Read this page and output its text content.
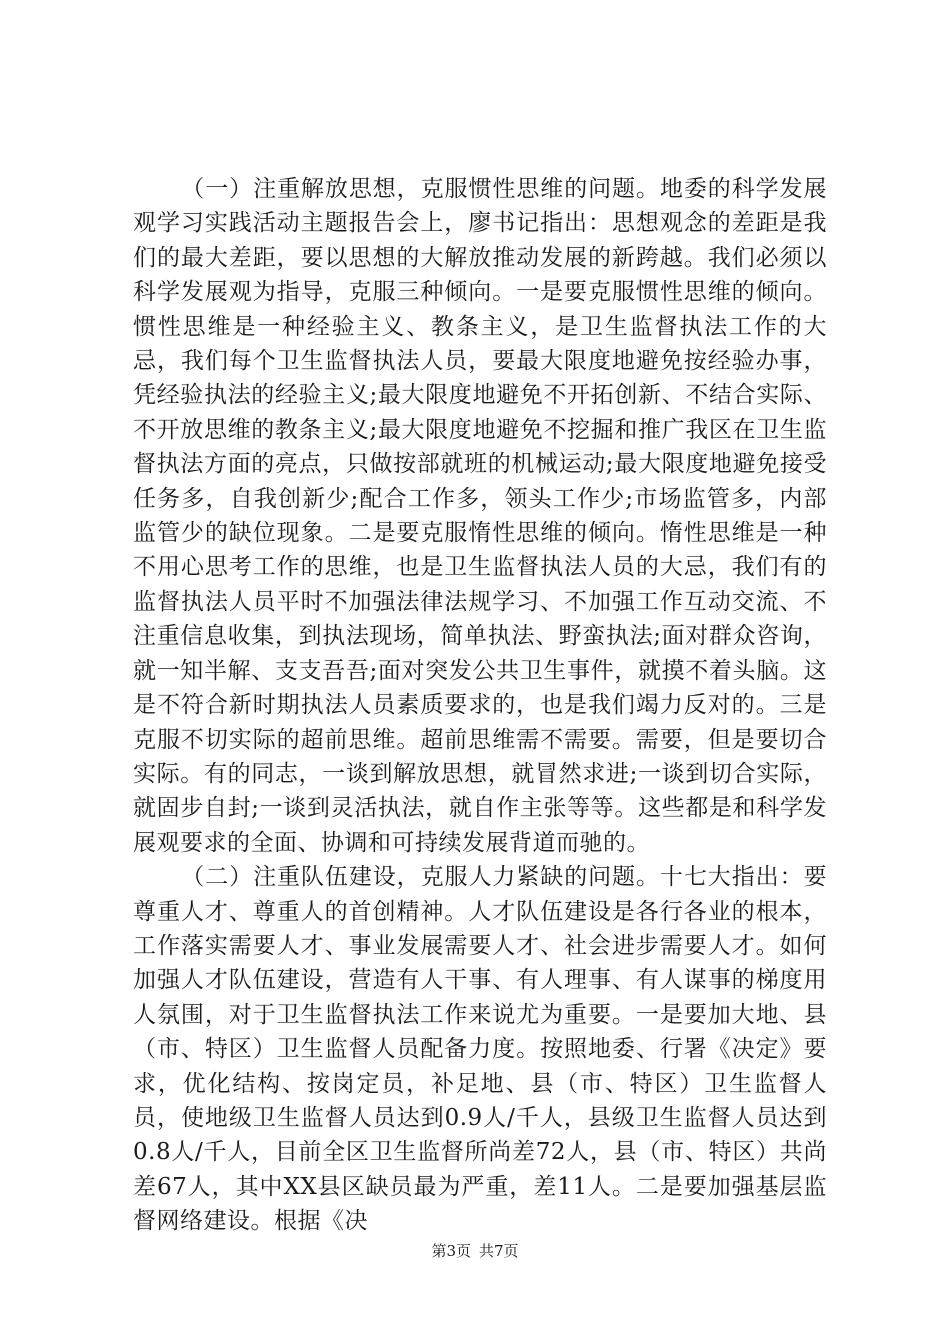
（一）注重解放思想，克服惯性思维的问题。地委的科学发展观学习实践活动主题报告会上，廖书记指出：思想观念的差距是我们的最大差距，要以思想的大解放推动发展的新跨越。我们必须以科学发展观为指导，克服三种倾向。一是要克服惯性思维的倾向。惯性思维是一种经验主义、教条主义，是卫生监督执法工作的大忌，我们每个卫生监督执法人员，要最大限度地避免按经验办事，凭经验执法的经验主义;最大限度地避免不开拓创新、不结合实际、不开放思维的教条主义;最大限度地避免不挖掘和推广我区在卫生监督执法方面的亮点，只做按部就班的机械运动;最大限度地避免接受任务多，自我创新少;配合工作多，领头工作少;市场监管多，内部监管少的缺位现象。二是要克服惰性思维的倾向。惰性思维是一种不用心思考工作的思维，也是卫生监督执法人员的大忌，我们有的监督执法人员平时不加强法律法规学习、不加强工作互动交流、不注重信息收集，到执法现场，简单执法、野蛮执法;面对群众咨询，就一知半解、支支吾吾;面对突发公共卫生事件，就摸不着头脑。这是不符合新时期执法人员素质要求的，也是我们竭力反对的。三是克服不切实际的超前思维。超前思维需不需要。需要，但是要切合实际。有的同志，一谈到解放思想，就冒然求进;一谈到切合实际，就固步自封;一谈到灵活执法，就自作主张等等。这些都是和科学发展观要求的全面、协调和可持续发展背道而驰的。

（二）注重队伍建设，克服人力紧缺的问题。十七大指出：要尊重人才、尊重人的首创精神。人才队伍建设是各行各业的根本，工作落实需要人才、事业发展需要人才、社会进步需要人才。如何加强人才队伍建设，营造有人干事、有人理事、有人谋事的梯度用人氛围，对于卫生监督执法工作来说尤为重要。一是要加大地、县（市、特区）卫生监督人员配备力度。按照地委、行署《决定》要求，优化结构、按岗定员，补足地、县（市、特区）卫生监督人员，使地级卫生监督人员达到0.9人/千人，县级卫生监督人员达到0.8人/千人，目前全区卫生监督所尚差72人，县（市、特区）共尚差67人，其中XX县区缺员最为严重，差11人。二是要加强基层监督网络建设。根据《决

第3页 共7页
